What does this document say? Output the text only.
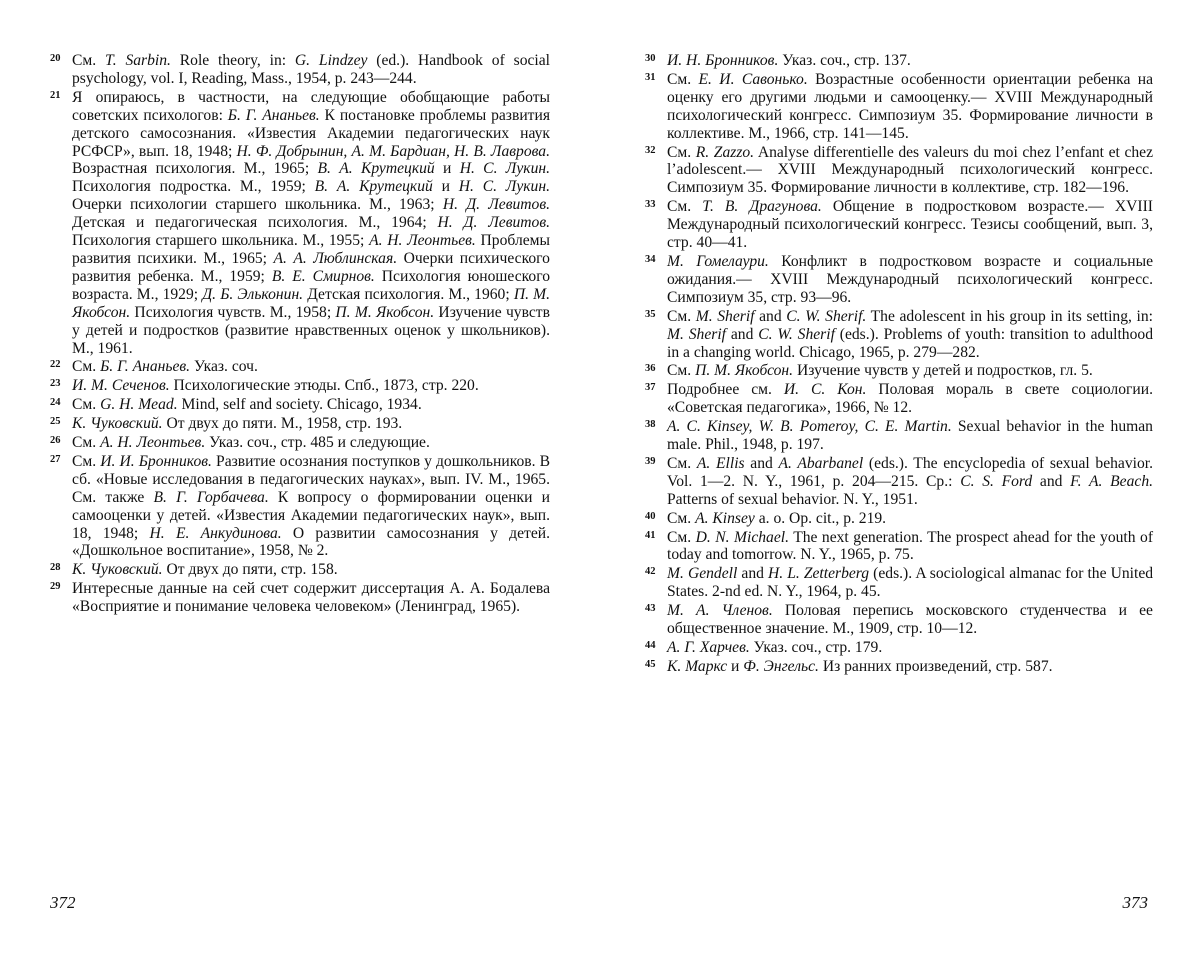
20 См. Т. Sarbin. Role theory, in: G. Lindzey (ed.). Handbook of social psychology, vol. I, Reading, Mass., 1954, p. 243—244.
21 Я опираюсь, в частности, на следующие обобщающие работы советских психологов: Б. Г. Ананьев. К постановке проблемы развития детского самосознания. «Известия Академии педагогических наук РСФСР», вып. 18, 1948; Н. Ф. Добрынин, А. М. Бардиан, Н. В. Лаврова. Возрастная психология. М., 1965; В. А. Крутецкий и Н. С. Лукин. Психология подростка. М., 1959; В. А. Крутецкий и Н. С. Лукин. Очерки психологии старшего школьника. М., 1963; Н. Д. Левитов. Детская и педагогическая психология. М., 1964; Н. Д. Левитов. Психология старшего школьника. М., 1955; А. Н. Леонтьев. Проблемы развития психики. М., 1965; А. А. Люблинская. Очерки психического развития ребенка. М., 1959; В. Е. Смирнов. Психология юношеского возраста. М., 1929; Д. Б. Эльконин. Детская психология. М., 1960; П. М. Якобсон. Психология чувств. М., 1958; П. М. Якобсон. Изучение чувств у детей и подростков (развитие нравственных оценок у школьников). М., 1961.
22 См. Б. Г. Ананьев. Указ. соч.
23 И. М. Сеченов. Психологические этюды. Спб., 1873, стр. 220.
24 См. G. H. Mead. Mind, self and society. Chicago, 1934.
25 К. Чуковский. От двух до пяти. М., 1958, стр. 193.
26 См. А. Н. Леонтьев. Указ. соч., стр. 485 и следующие.
27 См. И. И. Бронников. Развитие осознания поступков у дошкольников. В сб. «Новые исследования в педагогических науках», вып. IV. М., 1965. См. также В. Г. Горбачева. К вопросу о формировании оценки и самооценки у детей. «Известия Академии педагогических наук», вып. 18, 1948; Н. Е. Анкудинова. О развитии самосознания у детей. «Дошкольное воспитание», 1958, № 2.
28 К. Чуковский. От двух до пяти, стр. 158.
29 Интересные данные на сей счет содержит диссертация А. А. Бодалева «Восприятие и понимание человека человеком» (Ленинград, 1965).
372
30 И. Н. Бронников. Указ. соч., стр. 137.
31 См. Е. И. Савонько. Возрастные особенности ориентации ребенка на оценку его другими людьми и самооценку.— XVIII Международный психологический конгресс. Симпозиум 35. Формирование личности в коллективе. М., 1966, стр. 141—145.
32 См. R. Zazzo. Analyse differentielle des valeurs du moi chez l’enfant et chez l’adolescent.— XVIII Международный психологический конгресс. Симпозиум 35. Формирование личности в коллективе, стр. 182—196.
33 См. Т. В. Драгунова. Общение в подростковом возрасте.— XVIII Международный психологический конгресс. Тезисы сообщений, вып. 3, стр. 40—41.
34 М. Гомелаури. Конфликт в подростковом возрасте и социальные ожидания.— XVIII Международный психологический конгресс. Симпозиум 35, стр. 93—96.
35 См. M. Sherif and C. W. Sherif. The adolescent in his group in its setting, in: M. Sherif and C. W. Sherif (eds.). Problems of youth: transition to adulthood in a changing world. Chicago, 1965, p. 279—282.
36 См. П. М. Якобсон. Изучение чувств у детей и подростков, гл. 5.
37 Подробнее см. И. С. Кон. Половая мораль в свете социологии. «Советская педагогика», 1966, № 12.
38 A. C. Kinsey, W. B. Pomeroy, C. E. Martin. Sexual behavior in the human male. Phil., 1948, p. 197.
39 См. A. Ellis and A. Abarbanel (eds.). The encyclopedia of sexual behavior. Vol. 1—2. N. Y., 1961, p. 204—215. Ср.: C. S. Ford and F. A. Beach. Patterns of sexual behavior. N. Y., 1951.
40 См. A. Kinsey a. o. Op. cit., p. 219.
41 См. D. N. Michael. The next generation. The prospect ahead for the youth of today and tomorrow. N. Y., 1965, p. 75.
42 M. Gendell and H. L. Zetterberg (eds.). A sociological almanac for the United States. 2-nd ed. N. Y., 1964, p. 45.
43 М. А. Членов. Половая перепись московского студенчества и ее общественное значение. М., 1909, стр. 10—12.
44 А. Г. Харчев. Указ. соч., стр. 179.
45 К. Маркс и Ф. Энгельс. Из ранних произведений, стр. 587.
373
